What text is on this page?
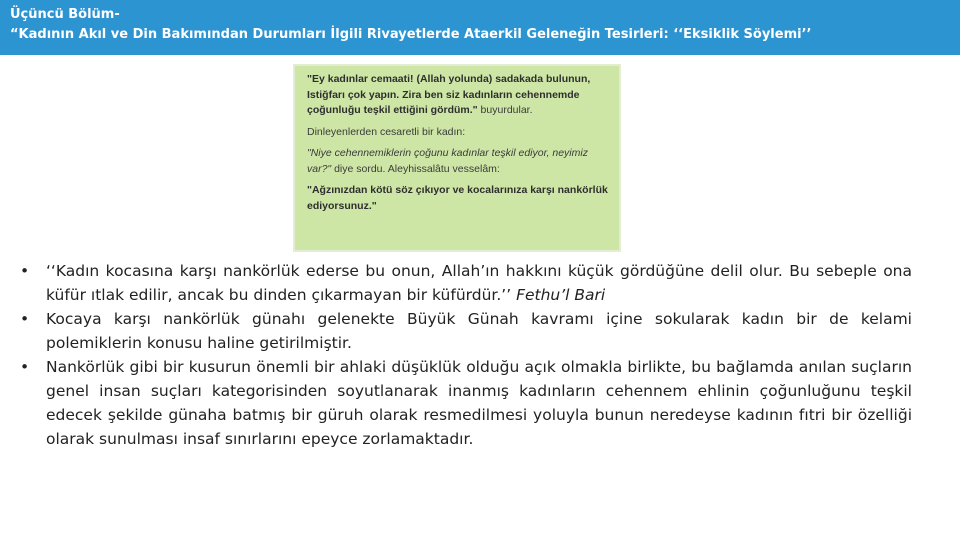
Üçüncü Bölüm-
“Kadının Akıl ve Din Bakımından Durumları İlgili Rivayetlerde Ataerkil Geleneğin Tesirleri: ‘‘Eksiklik Söylemi’’

"Ey kadınlar cemaati! (Allah yolunda) sadakada bulunun, Istiğfarı çok yapın. Zira ben siz kadınların cehennemde çoğunluğu teşkil ettiğini gördüm." buyurdular.

Dinleyenlerden cesaretli bir kadın:

"Niye cehennemiklerin çoğunu kadınlar teşkil ediyor, neyimiz var?" diye sordu. Aleyhissalâtu vesselâm:

"Ağzınızdan kötü söz çıkıyor ve kocalarınıza karşı nankörlük ediyorsunuz."

• ‘‘Kadın kocasına karşı nankörlük ederse bu onun, Allah’ın hakkını küçük gördüğüne delil olur. Bu sebeple ona küfür ıtlak edilir, ancak bu dinden çıkarmayan bir küfürdür.’’ Fethu’l Bari
• Kocaya karşı nankörlük günahı gelenekte Büyük Günah kavramı içine sokularak kadın bir de kelami polemiklerin konusu haline getirilmiştir.
• Nankörlük gibi bir kusurun önemli bir ahlaki düşüklük olduğu açık olmakla birlikte, bu bağlamda anılan suçların genel insan suçları kategorisinden soyutlanarak inanmış kadınların cehennem ehlinin çoğunluğunu teşkil edecek şekilde günaha batmış bir güruh olarak resmedilmesi yoluyla bunun neredeyse kadının fıtri bir özelliği olarak sunulması insaf sınırlarını epeyce zorlamaktadır.
